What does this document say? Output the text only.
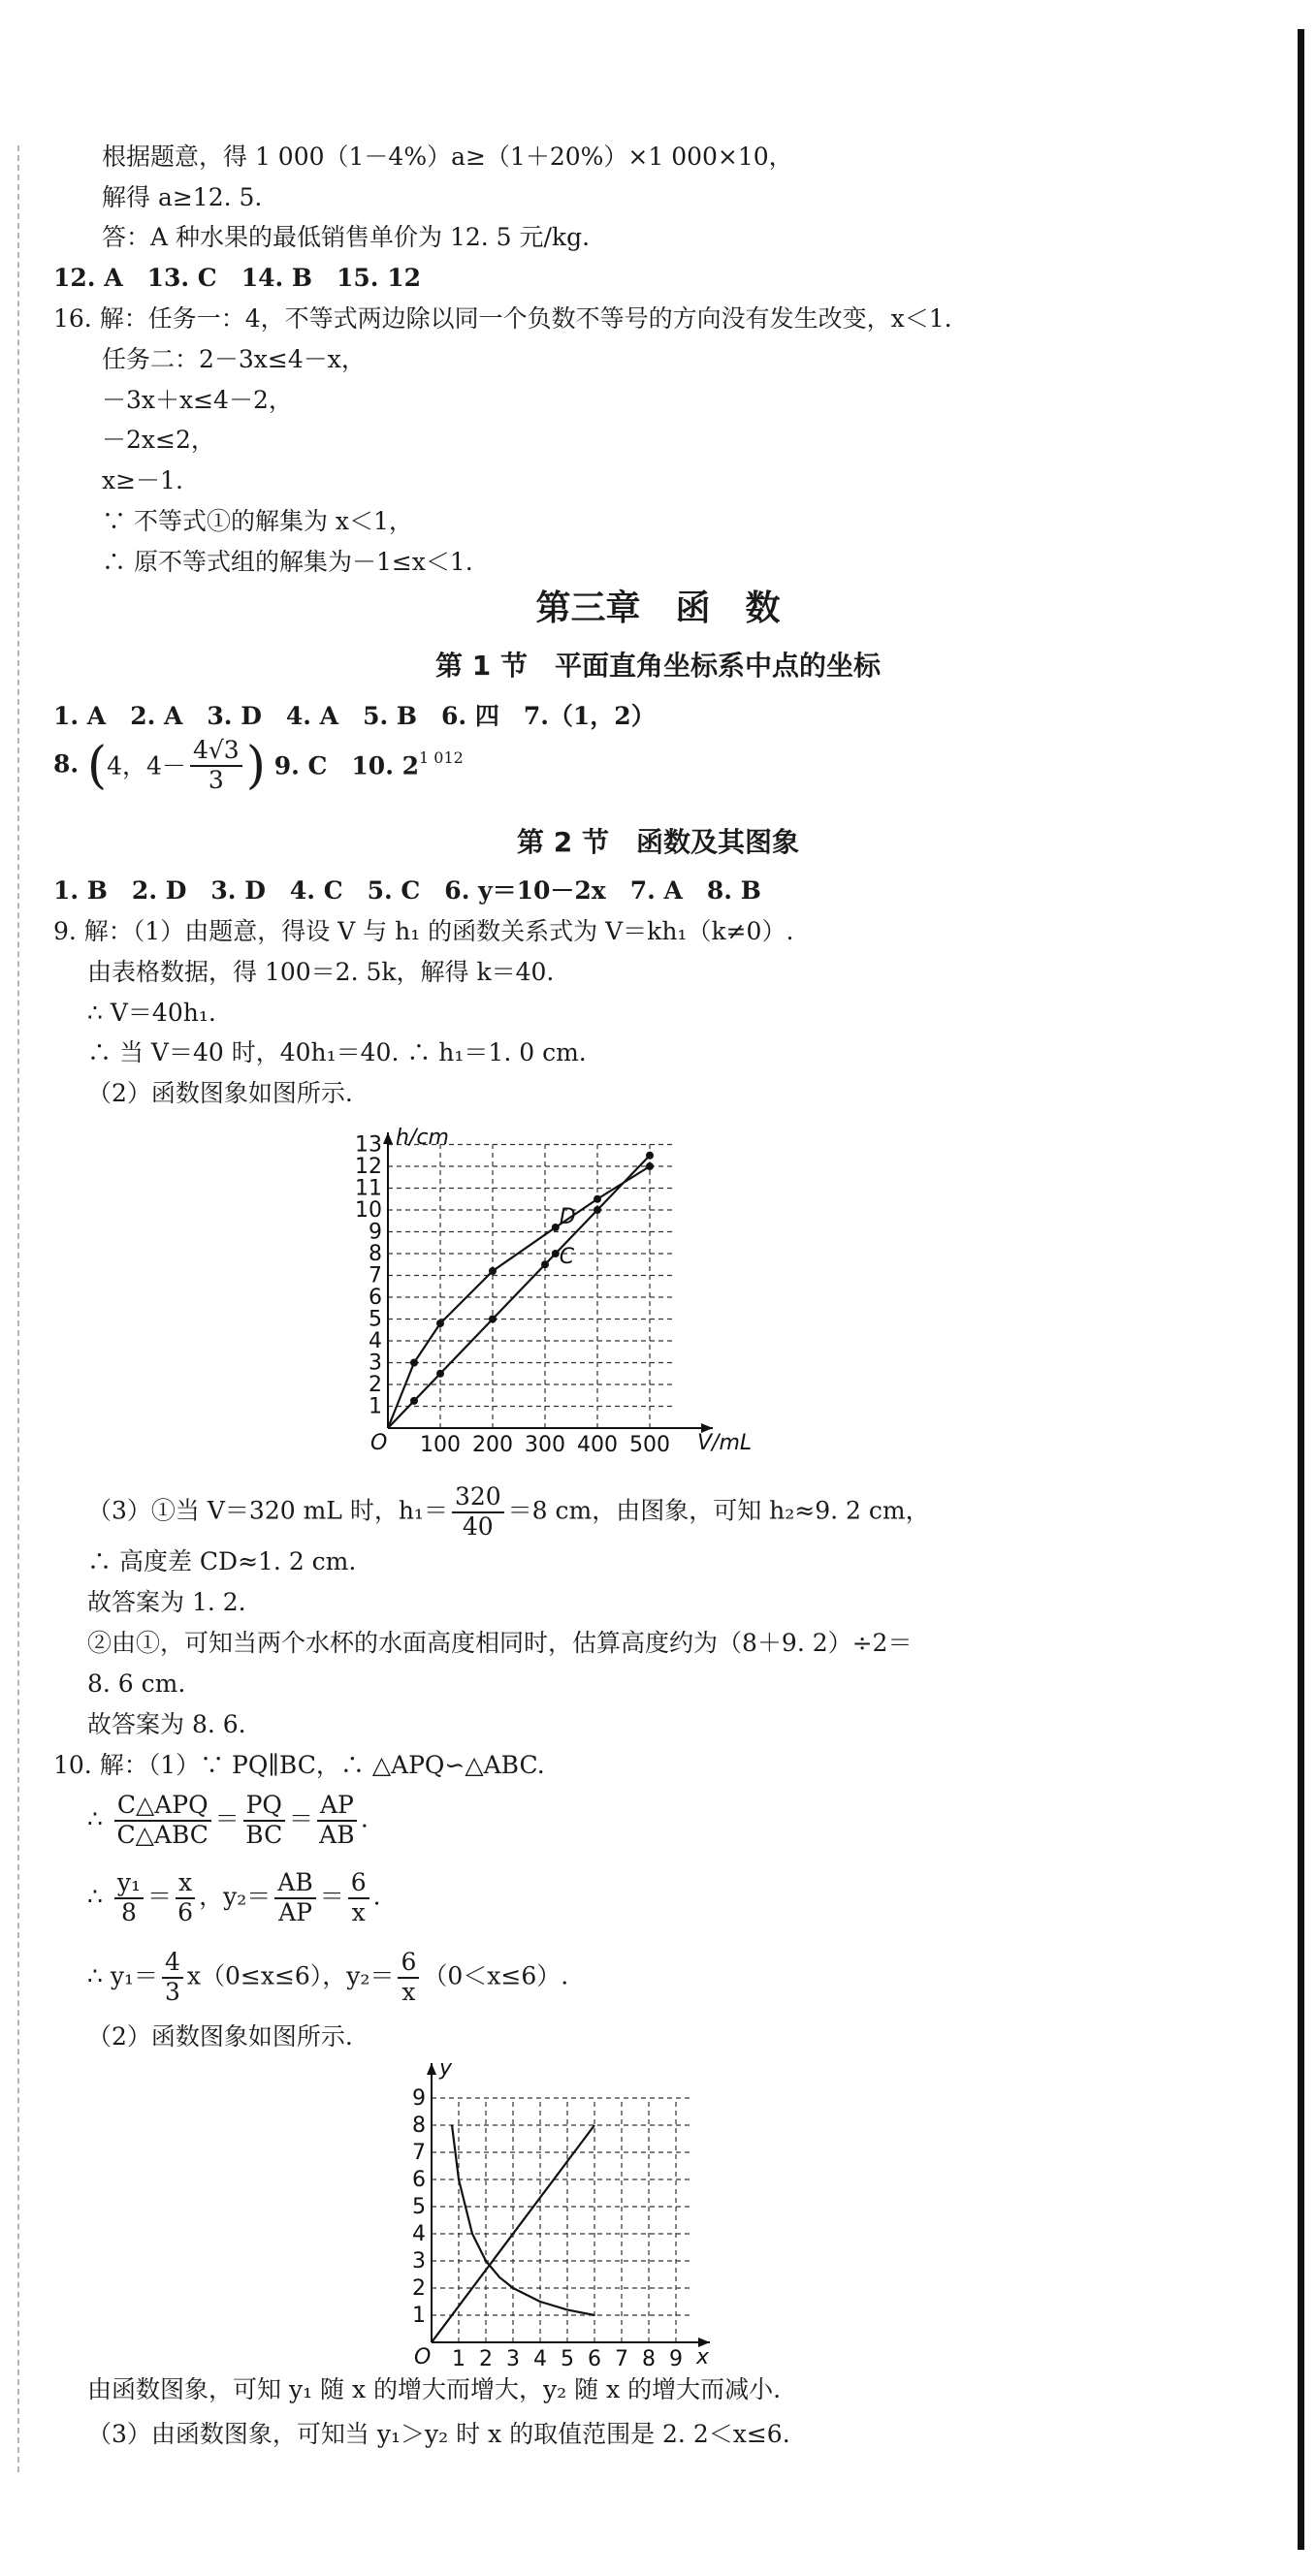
根据题意，得 1 000（1－4%）a≥（1＋20%）×1 000×10，
解得 a≥12. 5.
答：A 种水果的最低销售单价为 12. 5 元/kg.
12. A　13. C　14. B　15. 12
16. 解：任务一：4，不等式两边除以同一个负数不等号的方向没有发生改变，x＜1.
任务二：2－3x≤4－x，
－3x＋x≤4－2，
－2x≤2，
x≥－1.
∵ 不等式①的解集为 x＜1，
∴ 原不等式组的解集为－1≤x＜1.
第三章　函　数
第 1 节　平面直角坐标系中点的坐标
1. A　2. A　3. D　4. A　5. B　6. 四　7.（1，2）
8. (4，$4- \frac{4√3}{3}$ ) 9. C　10. $2^{1 012}$
第 2 节　函数及其图象
1. B　2. D　3. D　4. C　5. C　6. y＝10－2x　7. A　8. B
9. 解：（1）由题意，得设 V 与 h₁ 的函数关系式为 V＝kh₁（k≠0）.
由表格数据，得 100＝2. 5k，解得 k＝40.
∴ V＝40h₁.
∴ 当 V＝40 时，40h₁＝40. ∴ h₁＝1. 0 cm.
（2）函数图象如图所示.
100 200 300 400 500
1
2
3
4
5
6
7
8
9
10
11
12
13
O	V/mL
h/cm
D
C
（3）①当 V＝320 mL 时，$h_1= \frac{320}{40} =8$ cm，由图象，可知 h₂≈9. 2 cm，
∴ 高度差 CD≈1. 2 cm.
故答案为 1. 2.
②由①，可知当两个水杯的水面高度相同时，估算高度约为（8＋9. 2）÷2＝
8. 6 cm.
故答案为 8. 6.
10. 解：（1）∵ PQ∥BC，∴ △APQ∽△ABC.
∴ $\frac{\text{C△APQ}}{\text{C△ABC}} = \frac{PQ}{BC} = \frac{AP}{AB}$ .
∴ $\frac{\text{y₁}}{8} = \frac{x}{6}$ ，$y_2= \frac{AB}{AP} = \frac{6}{x}$ .
∴ $y_1= \frac{4}{3} x(0\le x\le 6)$，$y_2= \frac{6}{x} (0<x\le 6)$.
（2）函数图象如图所示.
1 2 3 4 5 6 7 8 9
1
2
3
4
5
6
7
8
9
O	x
y
由函数图象，可知 y₁ 随 x 的增大而增大，y₂ 随 x 的增大而减小.
（3）由函数图象，可知当 y₁＞y₂ 时 x 的取值范围是 2. 2＜x≤6.
